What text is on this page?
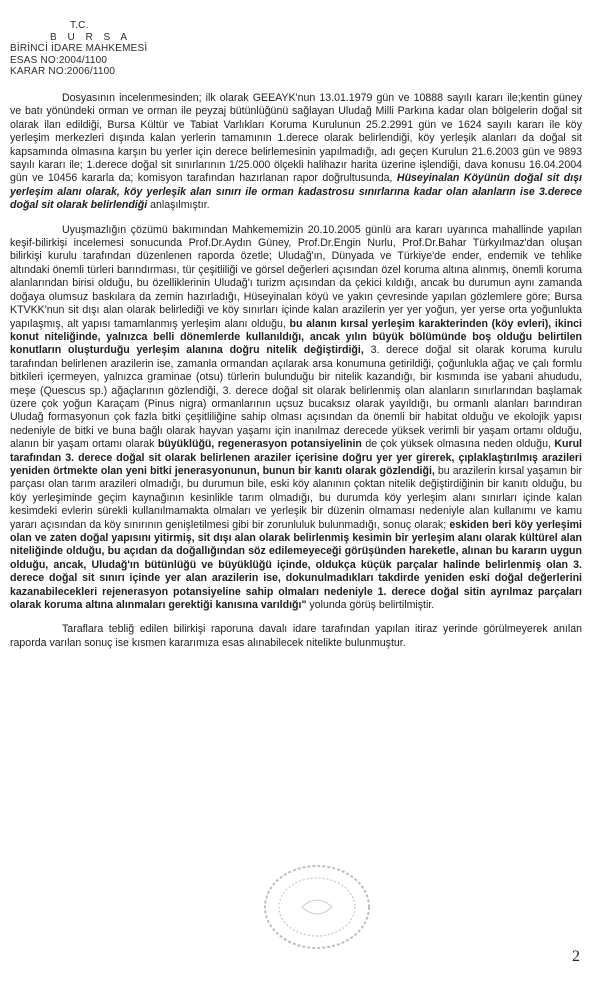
T.C.
B U R S A
BİRİNCİ İDARE MAHKEMESİ
ESAS NO:2004/1100
KARAR NO:2006/1100

Dosyasının incelenmesinden; ilk olarak GEEAYK'nun 13.01.1979 gün ve 10888 sayılı kararı ile;kentin güney ve batı yönündeki orman ve orman ile peyzaj bütünlüğünü sağlayan Uludağ Milli Parkına kadar olan bölgelerin doğal sit olarak ilan edildiği, Bursa Kültür ve Tabiat Varlıkları Koruma Kurulunun 25.2.2991 gün ve 1624 sayılı kararı ile köy yerleşim merkezleri dışında kalan yerlerin tamamının 1.derece olarak belirlendiği, köy yerleşik alanları da doğal sit kapsamında olmasına karşın bu yerler için derece belirlemesinin yapılmadığı, adı geçen Kurulun 21.6.2003 gün ve 9893 sayılı kararı ile; 1.derece doğal sit sınırlarının 1/25.000 ölçekli halihazır harita üzerine işlendiği, dava konusu 16.04.2004 gün ve 10456 kararla da; komisyon tarafından hazırlanan rapor doğrultusunda, Hüseyinalan Köyünün doğal sit dışı yerleşim alanı olarak, köy yerleşik alan sınırı ile orman kadastrosu sınırlarına kadar olan alanların ise 3.derece doğal sit olarak belirlendiği anlaşılmıştır.

Uyuşmazlığın çözümü bakımından Mahkememizin 20.10.2005 günlü ara kararı uyarınca mahallinde yapılan keşif-bilirkişi incelemesi sonucunda Prof.Dr.Aydın Güney, Prof.Dr.Engin Nurlu, Prof.Dr.Bahar Türkyılmaz'dan oluşan bilirkişi kurulu tarafından düzenlenen raporda özetle; Uludağ'ın, Dünyada ve Türkiye'de ender, endemik ve tehlike altındaki önemli türleri barındırması, tür çeşitliliği ve görsel değerleri açısından özel koruma altına alınmış, önemli koruma alanlarından birisi olduğu, bu özelliklerinin Uludağ'ı turizm açısından da çekici kıldığı, ancak bu durumun aynı zamanda doğaya olumsuz baskılara da zemin hazırladığı, Hüseyinalan köyü ve yakın çevresinde yapılan gözlemlere göre; Bursa KTVKK'nun sit dışı alan olarak belirlediği ve köy sınırları içinde kalan arazilerin yer yer yoğun, yer yerse orta yoğunlukta yapılaşmış, alt yapısı tamamlanmış yerleşim alanı olduğu, bu alanın kırsal yerleşim karakterinden (köy evleri), ikinci konut niteliğinde, yalnızca belli dönemlerde kullanıldığı, ancak yılın büyük bölümünde boş olduğu belirtilen konutların oluşturduğu yerleşim alanına doğru nitelik değiştirdiği, 3. derece doğal sit olarak koruma kurulu tarafından belirlenen arazilerin ise, zamanla ormandan açılarak arsa konumuna getirildiği, çoğunlukla ağaç ve çalı formlu bitkileri içermeyen, yalnızca graminae (otsu) türlerin bulunduğu bir nitelik kazandığı, bir kısmında ise yabani ahududu, meşe (Quescus sp.) ağaçlarının gözlendiği, 3. derece doğal sit olarak belirlenmiş olan alanların sınırlarından başlamak üzere çok yoğun Karaçam (Pinus nigra) ormanlarının uçsuz bucaksız olarak yayıldığı, bu ormanlı alanları barındıran Uludağ formasyonun çok fazla bitki çeşitliliğine sahip olması açısından da önemli bir habitat olduğu ve ekolojik yapısı nedeniyle de bitki ve buna bağlı olarak hayvan yaşamı için inanılmaz derecede yüksek verimli bir yaşam ortamı olduğu, alanın bir yaşam ortamı olarak büyüklüğü, regenerasyon potansiyelinin de çok yüksek olmasına neden olduğu, Kurul tarafından 3. derece doğal sit olarak belirlenen araziler içerisine doğru yer yer girerek, çıplaklaştırılmış arazileri yeniden örtmekte olan yeni bitki jenerasyonunun, bunun bir kanıtı olarak gözlendiği, bu arazilerin kırsal yaşamın bir parçası olan tarım arazileri olmadığı, bu durumun bile, eski köy alanının çoktan nitelik değiştirdiğinin bir kanıtı olduğu, bu köy yerleşiminde geçim kaynağının kesinlikle tarım olmadığı, bu durumda köy yerleşim alanı sınırları içinde kalan kesimdeki evlerin sürekli kullanılmamakta olmaları ve yerleşik bir düzenin olmaması nedeniyle alan kullanımı ve kamu yararı açısından da köy sınırının genişletilmesi gibi bir zorunluluk bulunmadığı, sonuç olarak; eskiden beri köy yerleşimi olan ve zaten doğal yapısını yitirmiş, sit dışı alan olarak belirlenmiş kesimin bir yerleşim alanı olarak kültürel alan niteliğinde olduğu, bu açıdan da doğallığından söz edilemeyeceği görüşünden hareketle, alınan bu kararın uygun olduğu, ancak, Uludağ'ın bütünlüğü ve büyüklüğü içinde, oldukça küçük parçalar halinde belirlenmiş olan 3. derece doğal sit sınırı içinde yer alan arazilerin ise, dokunulmadıkları takdirde yeniden eski doğal değerlerini kazanabilecekleri rejenerasyon potansiyeline sahip olmaları nedeniyle 1. derece doğal sitin ayrılmaz parçaları olarak koruma altına alınmaları gerektiği kanısına varıldığı" yolunda görüş belirtilmiştir.

Taraflara tebliğ edilen bilirkişi raporuna davalı idare tarafından yapılan itiraz yerinde görülmeyerek anılan raporda varılan sonuç ise kısmen kararımıza esas alınabilecek nitelikte bulunmuştur.

2
